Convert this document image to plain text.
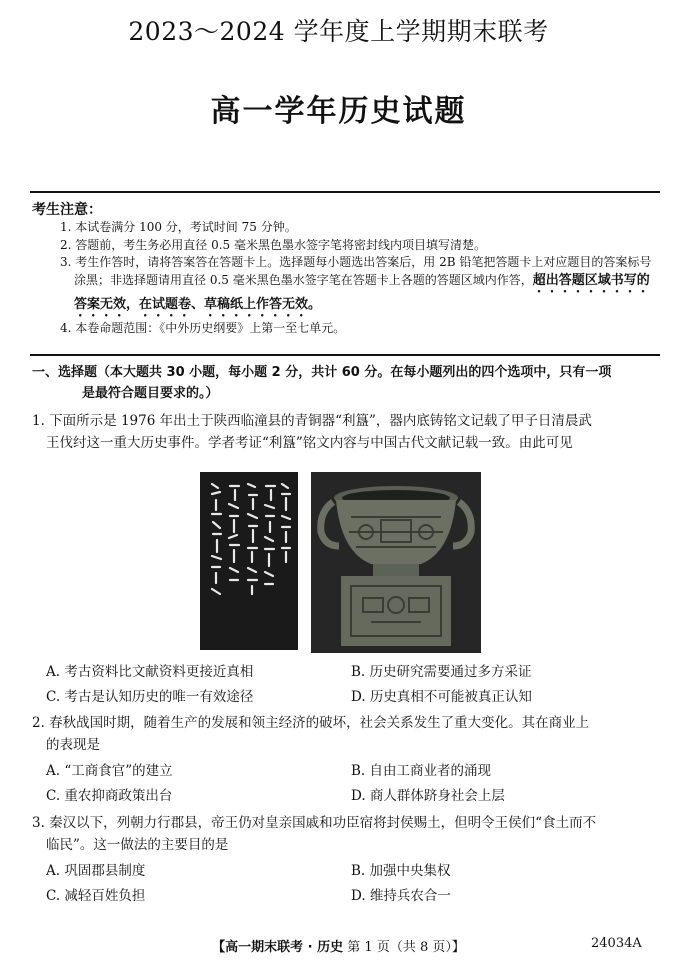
2023～2024 学年度上学期期末联考
高一学年历史试题
考生注意：
1. 本试卷满分 100 分，考试时间 75 分钟。
2. 答题前，考生务必用直径 0.5 毫米黑色墨水签字笔将密封线内项目填写清楚。
3. 考生作答时，请将答案答在答题卡上。选择题每小题选出答案后，用 2B 铅笔把答题卡上对应题目的答案标号涂黑；非选择题请用直径 0.5 毫米黑色墨水签字笔在答题卡上各题的答题区域内作答，超出答题区域书写的答案无效，在试题卷、草稿纸上作答无效。
4. 本卷命题范围：《中外历史纲要》上第一至七单元。
一、选择题（本大题共 30 小题，每小题 2 分，共计 60 分。在每小题列出的四个选项中，只有一项
是最符合题目要求的。）
1. 下面所示是 1976 年出土于陕西临潼县的青铜器“利簋”，器内底铸铭文记载了甲子日清晨武
王伐纣这一重大历史事件。学者考证“利簋”铭文内容与中国古代文献记载一致。由此可见
A. 考古资料比文献资料更接近真相	B. 历史研究需要通过多方采证
C. 考古是认知历史的唯一有效途径	D. 历史真相不可能被真正认知
2. 春秋战国时期，随着生产的发展和领主经济的破坏，社会关系发生了重大变化。其在商业上
的表现是
A. “工商食官”的建立	B. 自由工商业者的涌现
C. 重农抑商政策出台	D. 商人群体跻身社会上层
3. 秦汉以下，列朝力行郡县，帝王仍对皇亲国戚和功臣宿将封侯赐土，但明令王侯们“食土而不
临民”。这一做法的主要目的是
A. 巩固郡县制度	B. 加强中央集权
C. 减轻百姓负担	D. 维持兵农合一
【高一期末联考 · 历史 第 1 页（共 8 页）】	24034A
